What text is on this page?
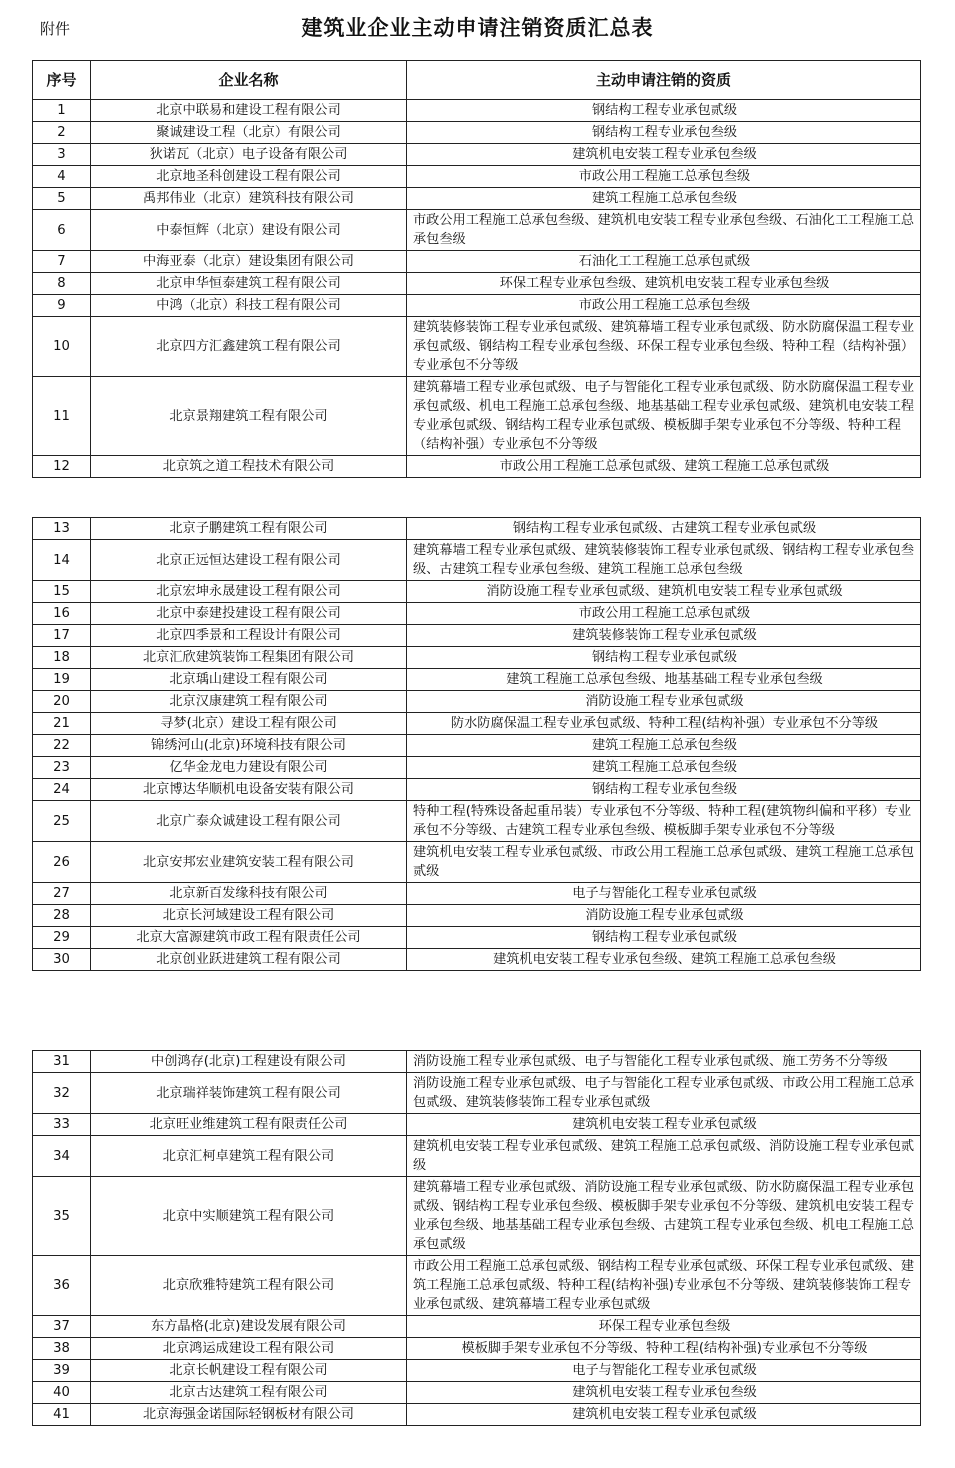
附件	建筑业企业主动申请注销资质汇总表
序号	企业名称	主动申请注销的资质
1	北京中联易和建设工程有限公司	钢结构工程专业承包贰级
2	聚诚建设工程（北京）有限公司	钢结构工程专业承包叁级
3	狄诺瓦（北京）电子设备有限公司	建筑机电安装工程专业承包叁级
4	北京地圣科创建设工程有限公司	市政公用工程施工总承包叁级
5	禹邦伟业（北京）建筑科技有限公司	建筑工程施工总承包叁级
6	中泰恒辉（北京）建设有限公司	市政公用工程施工总承包叁级、建筑机电安装工程专业承包叁级、石油化工工程施工总承包叁级
7	中海亚泰（北京）建设集团有限公司	石油化工工程施工总承包贰级
8	北京申华恒泰建筑工程有限公司	环保工程专业承包叁级、建筑机电安装工程专业承包叁级
9	中鸿（北京）科技工程有限公司	市政公用工程施工总承包叁级
10	北京四方汇鑫建筑工程有限公司	建筑装修装饰工程专业承包贰级、建筑幕墙工程专业承包贰级、防水防腐保温工程专业承包贰级、钢结构工程专业承包叁级、环保工程专业承包叁级、特种工程（结构补强）专业承包不分等级
11	北京景翔建筑工程有限公司	建筑幕墙工程专业承包贰级、电子与智能化工程专业承包贰级、防水防腐保温工程专业承包贰级、机电工程施工总承包叁级、地基基础工程专业承包贰级、建筑机电安装工程专业承包贰级、钢结构工程专业承包贰级、模板脚手架专业承包不分等级、特种工程（结构补强）专业承包不分等级
12	北京筑之道工程技术有限公司	市政公用工程施工总承包贰级、建筑工程施工总承包贰级
13	北京子鹏建筑工程有限公司	钢结构工程专业承包贰级、古建筑工程专业承包贰级
14	北京正远恒达建设工程有限公司	建筑幕墙工程专业承包贰级、建筑装修装饰工程专业承包贰级、钢结构工程专业承包叁级、古建筑工程专业承包叁级、建筑工程施工总承包叁级
15	北京宏坤永晟建设工程有限公司	消防设施工程专业承包贰级、建筑机电安装工程专业承包贰级
16	北京中泰建投建设工程有限公司	市政公用工程施工总承包贰级
17	北京四季景和工程设计有限公司	建筑装修装饰工程专业承包贰级
18	北京汇欣建筑装饰工程集团有限公司	钢结构工程专业承包贰级
19	北京瑀山建设工程有限公司	建筑工程施工总承包叁级、地基基础工程专业承包叁级
20	北京汉康建筑工程有限公司	消防设施工程专业承包贰级
21	寻梦(北京）建设工程有限公司	防水防腐保温工程专业承包贰级、特种工程(结构补强）专业承包不分等级
22	锦绣河山(北京)环境科技有限公司	建筑工程施工总承包叁级
23	亿华金龙电力建设有限公司	建筑工程施工总承包叁级
24	北京博达华顺机电设备安装有限公司	钢结构工程专业承包叁级
25	北京广泰众诚建设工程有限公司	特种工程(特殊设备起重吊装）专业承包不分等级、特种工程(建筑物纠偏和平移）专业承包不分等级、古建筑工程专业承包叁级、模板脚手架专业承包不分等级
26	北京安邦宏业建筑安装工程有限公司	建筑机电安装工程专业承包贰级、市政公用工程施工总承包贰级、建筑工程施工总承包贰级
27	北京新百发缘科技有限公司	电子与智能化工程专业承包贰级
28	北京长河域建设工程有限公司	消防设施工程专业承包贰级
29	北京大富源建筑市政工程有限责任公司	钢结构工程专业承包贰级
30	北京创业跃进建筑工程有限公司	建筑机电安装工程专业承包叁级、建筑工程施工总承包叁级
31	中创鸿存(北京)工程建设有限公司	消防设施工程专业承包贰级、电子与智能化工程专业承包贰级、施工劳务不分等级
32	北京瑞祥装饰建筑工程有限公司	消防设施工程专业承包贰级、电子与智能化工程专业承包贰级、市政公用工程施工总承包贰级、建筑装修装饰工程专业承包贰级
33	北京旺业维建筑工程有限责任公司	建筑机电安装工程专业承包贰级
34	北京汇柯卓建筑工程有限公司	建筑机电安装工程专业承包贰级、建筑工程施工总承包贰级、消防设施工程专业承包贰级
35	北京中实顺建筑工程有限公司	建筑幕墙工程专业承包贰级、消防设施工程专业承包贰级、防水防腐保温工程专业承包贰级、钢结构工程专业承包叁级、模板脚手架专业承包不分等级、建筑机电安装工程专业承包叁级、地基基础工程专业承包叁级、古建筑工程专业承包叁级、机电工程施工总承包贰级
36	北京欣雅特建筑工程有限公司	市政公用工程施工总承包贰级、钢结构工程专业承包贰级、环保工程专业承包贰级、建筑工程施工总承包贰级、特种工程(结构补强)专业承包不分等级、建筑装修装饰工程专业承包贰级、建筑幕墙工程专业承包贰级
37	东方晶格(北京)建设发展有限公司	环保工程专业承包叁级
38	北京鸿运成建设工程有限公司	模板脚手架专业承包不分等级、特种工程(结构补强)专业承包不分等级
39	北京长帆建设工程有限公司	电子与智能化工程专业承包贰级
40	北京古达建筑工程有限公司	建筑机电安装工程专业承包叁级
41	北京海强金诺国际轻钢板材有限公司	建筑机电安装工程专业承包贰级
